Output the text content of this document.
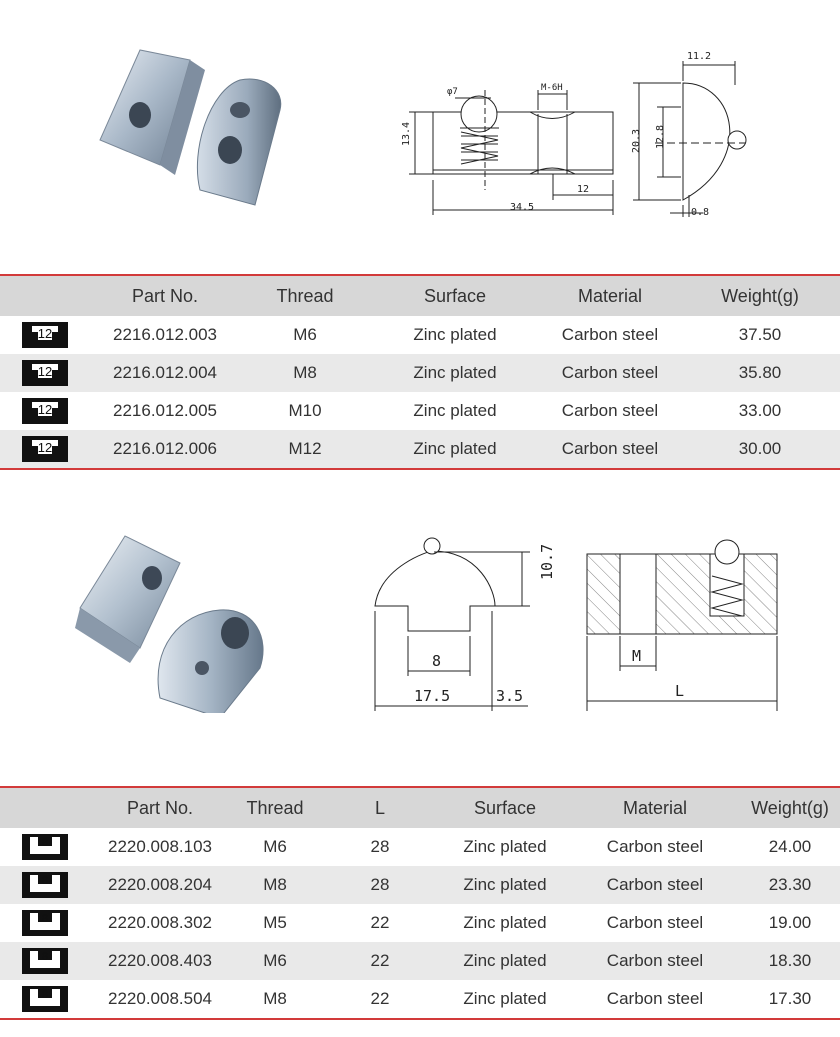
13.4
34.5
12
M-6H
φ7
11.2
20.3 12.8
0.8
	Part No.	Thread	Surface	Material	Weight(g)

12	2216.012.003	M6	Zinc plated	Carbon steel	37.50

12	2216.012.004	M8	Zinc plated	Carbon steel	35.80

12	2216.012.005	M10	Zinc plated	Carbon steel	33.00

12	2216.012.006	M12	Zinc plated	Carbon steel	30.00
10.7
8
17.5	3.5
M
L
	Part No.	Thread	L	Surface	Material	Weight(g)

8	2220.008.103	M6	28	Zinc plated	Carbon steel	24.00

8	2220.008.204	M8	28	Zinc plated	Carbon steel	23.30

8	2220.008.302	M5	22	Zinc plated	Carbon steel	19.00

8	2220.008.403	M6	22	Zinc plated	Carbon steel	18.30

8	2220.008.504	M8	22	Zinc plated	Carbon steel	17.30
